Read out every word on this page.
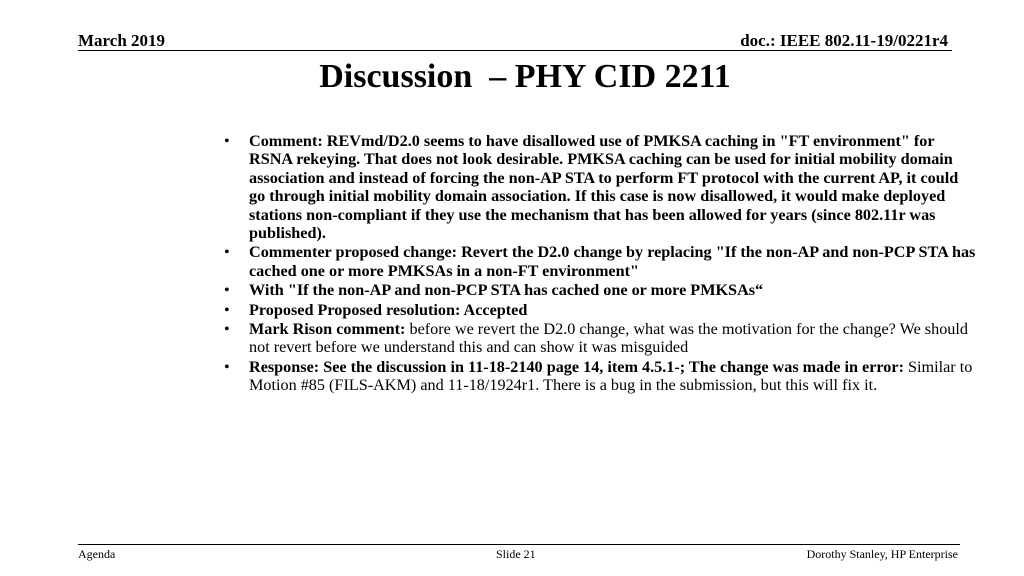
March 2019	doc.: IEEE 802.11-19/0221r4
Discussion  – PHY CID 2211
• Comment: REVmd/D2.0 seems to have disallowed use of PMKSA caching in "FT environment" for RSNA rekeying. That does not look desirable. PMKSA caching can be used for initial mobility domain association and instead of forcing the non-AP STA to perform FT protocol with the current AP, it could go through initial mobility domain association. If this case is now disallowed, it would make deployed stations non-compliant if they use the mechanism that has been allowed for years (since 802.11r was published).
• Commenter proposed change: Revert the D2.0 change by replacing "If the non-AP and non-PCP STA has cached one or more PMKSAs in a non-FT environment"
• With "If the non-AP and non-PCP STA has cached one or more PMKSAs“
• Proposed Proposed resolution: Accepted
• Mark Rison comment: before we revert the D2.0 change, what was the motivation for the change? We should not revert before we understand this and can show it was misguided
• Response: See the discussion in 11-18-2140 page 14, item 4.5.1-; The change was made in error: Similar to Motion #85 (FILS-AKM) and 11-18/1924r1. There is a bug in the submission, but this will fix it.
Agenda	Slide 21	Dorothy Stanley, HP Enterprise
